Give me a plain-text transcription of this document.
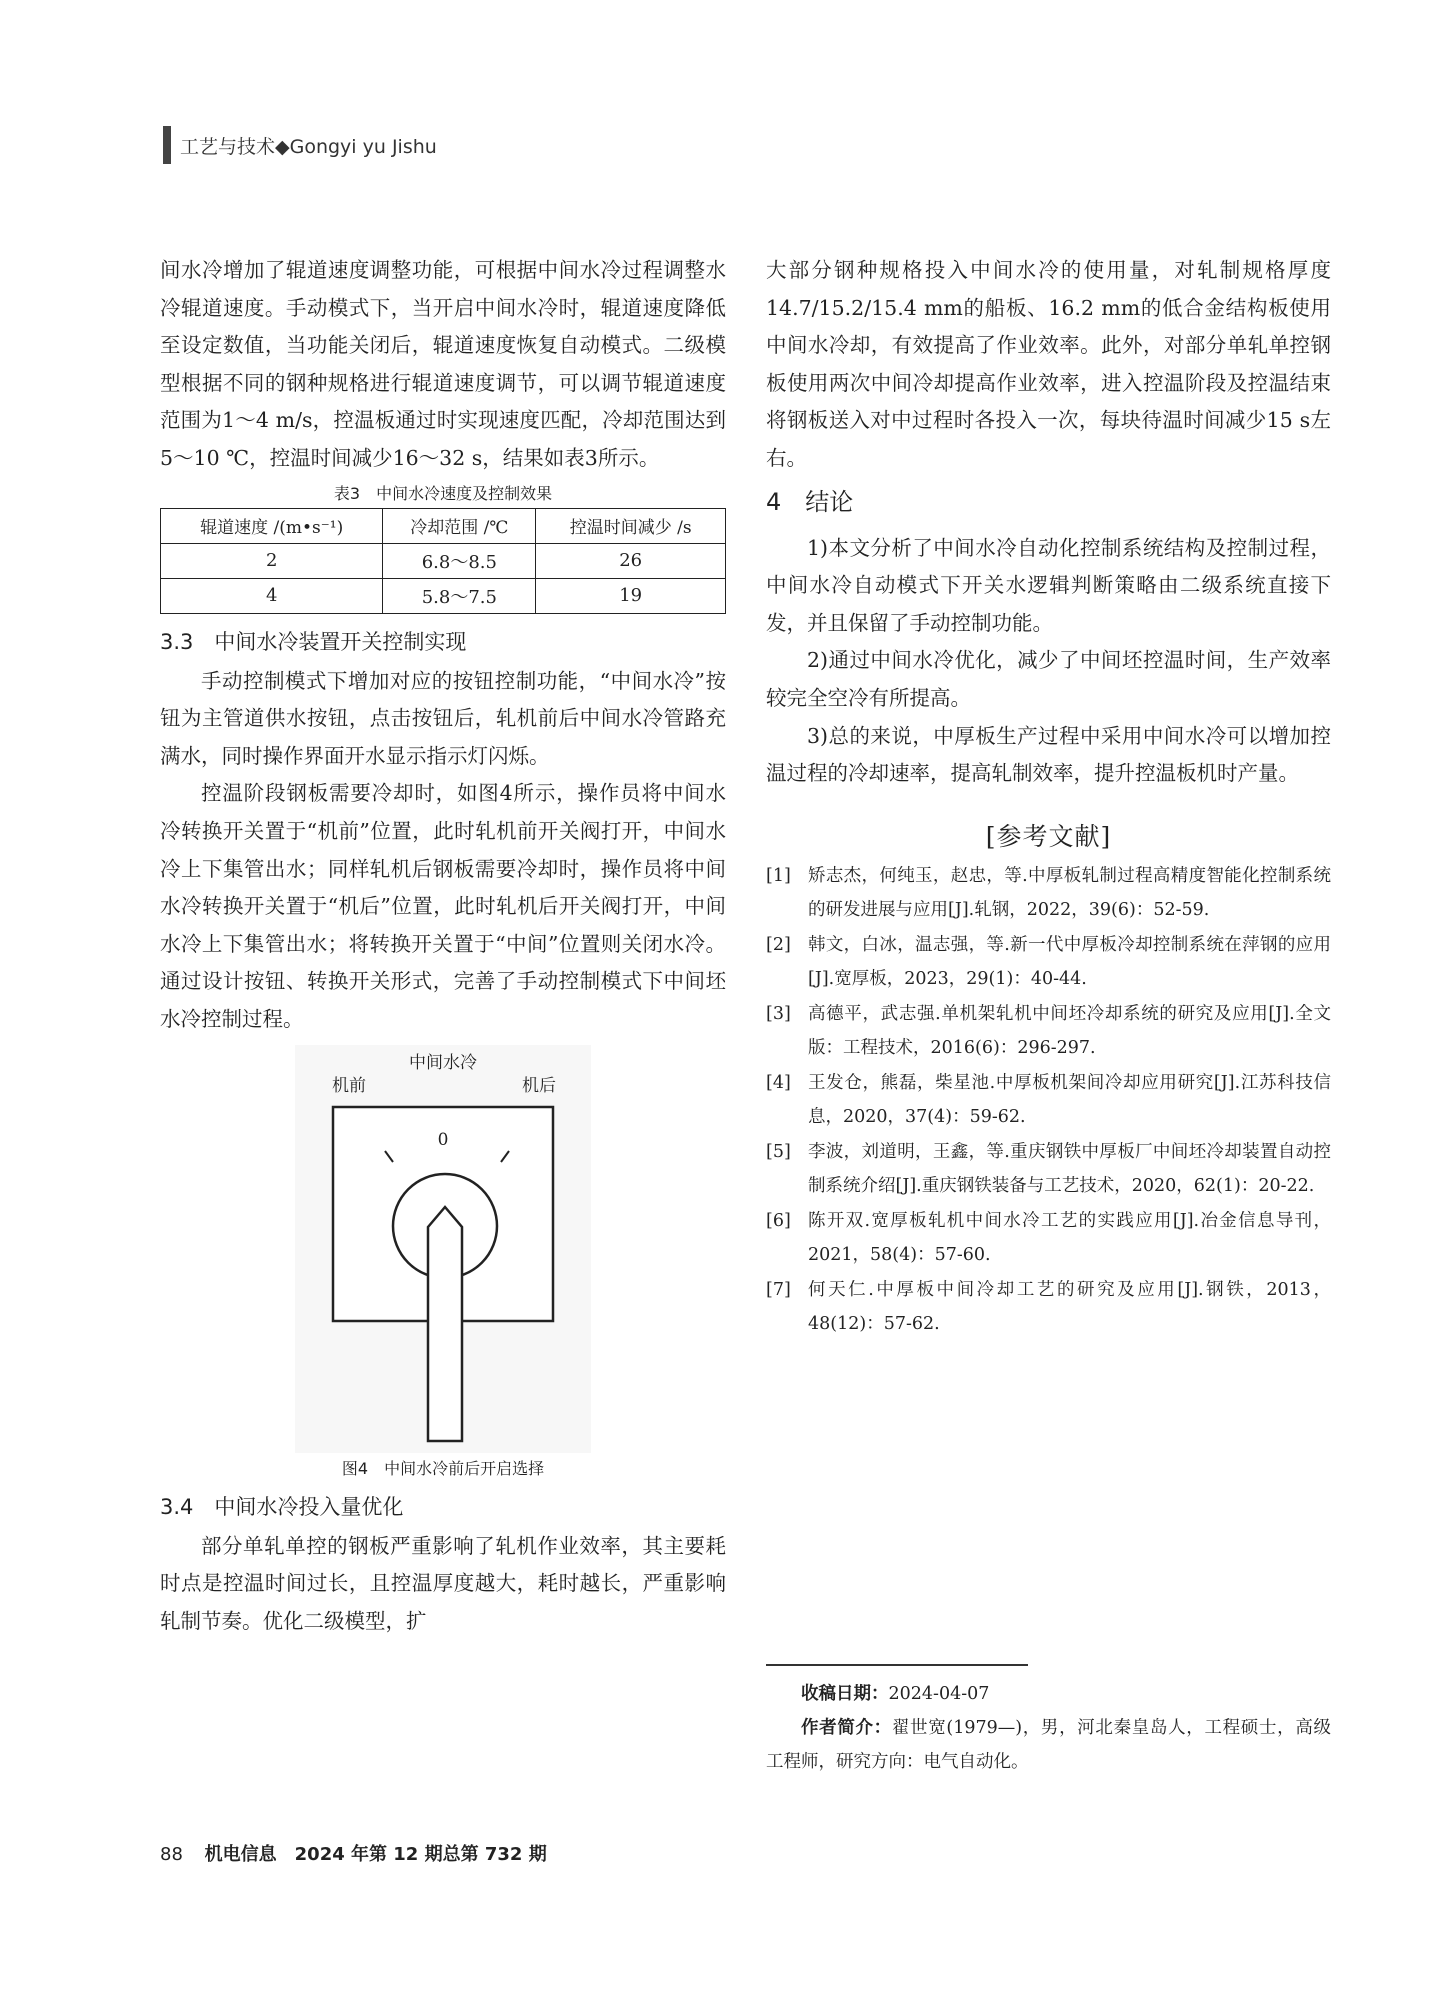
工艺与技术◆Gongyi yu Jishu

间水冷增加了辊道速度调整功能，可根据中间水冷过程调整水冷辊道速度。手动模式下，当开启中间水冷时，辊道速度降低至设定数值，当功能关闭后，辊道速度恢复自动模式。二级模型根据不同的钢种规格进行辊道速度调节，可以调节辊道速度范围为1～4 m/s，控温板通过时实现速度匹配，冷却范围达到5～10 ℃，控温时间减少16～32 s，结果如表3所示。

表3　中间水冷速度及控制效果
辊道速度 /(m•s⁻¹)	冷却范围 /℃	控温时间减少 /s
2	6.8～8.5	26
4	5.8～7.5	19
3.3　中间水冷装置开关控制实现

手动控制模式下增加对应的按钮控制功能，“中间水冷”按钮为主管道供水按钮，点击按钮后，轧机前后中间水冷管路充满水，同时操作界面开水显示指示灯闪烁。

控温阶段钢板需要冷却时，如图4所示，操作员将中间水冷转换开关置于“机前”位置，此时轧机前开关阀打开，中间水冷上下集管出水；同样轧机后钢板需要冷却时，操作员将中间水冷转换开关置于“机后”位置，此时轧机后开关阀打开，中间水冷上下集管出水；将转换开关置于“中间”位置则关闭水冷。通过设计按钮、转换开关形式，完善了手动控制模式下中间坯水冷控制过程。

中间水冷
机前	机后
0
图4　中间水冷前后开启选择
3.4　中间水冷投入量优化

部分单轧单控的钢板严重影响了轧机作业效率，其主要耗时点是控温时间过长，且控温厚度越大，耗时越长，严重影响轧制节奏。优化二级模型，扩

大部分钢种规格投入中间水冷的使用量，对轧制规格厚度14.7/15.2/15.4 mm的船板、16.2 mm的低合金结构板使用中间水冷却，有效提高了作业效率。此外，对部分单轧单控钢板使用两次中间冷却提高作业效率，进入控温阶段及控温结束将钢板送入对中过程时各投入一次，每块待温时间减少15 s左右。

4　结论

1)本文分析了中间水冷自动化控制系统结构及控制过程，中间水冷自动模式下开关水逻辑判断策略由二级系统直接下发，并且保留了手动控制功能。

2)通过中间水冷优化，减少了中间坯控温时间，生产效率较完全空冷有所提高。

3)总的来说，中厚板生产过程中采用中间水冷可以增加控温过程的冷却速率，提高轧制效率，提升控温板机时产量。

[参考文献]
[1] 矫志杰，何纯玉，赵忠，等.中厚板轧制过程高精度智能化控制系统的研发进展与应用[J].轧钢，2022，39(6)：52-59.
[2] 韩文，白冰，温志强，等.新一代中厚板冷却控制系统在萍钢的应用[J].宽厚板，2023，29(1)：40-44.
[3] 高德平，武志强.单机架轧机中间坯冷却系统的研究及应用[J].全文版：工程技术，2016(6)：296-297.
[4] 王发仓，熊磊，柴星池.中厚板机架间冷却应用研究[J].江苏科技信息，2020，37(4)：59-62.
[5] 李波，刘道明，王鑫，等.重庆钢铁中厚板厂中间坯冷却装置自动控制系统介绍[J].重庆钢铁装备与工艺技术，2020，62(1)：20-22.
[6] 陈开双.宽厚板轧机中间水冷工艺的实践应用[J].冶金信息导刊，2021，58(4)：57-60.
[7] 何天仁.中厚板中间冷却工艺的研究及应用[J].钢铁，2013，48(12)：57-62.

收稿日期：2024-04-07

作者简介：翟世宽(1979—)，男，河北秦皇岛人，工程硕士，高级工程师，研究方向：电气自动化。

88 机电信息　2024 年第 12 期总第 732 期
